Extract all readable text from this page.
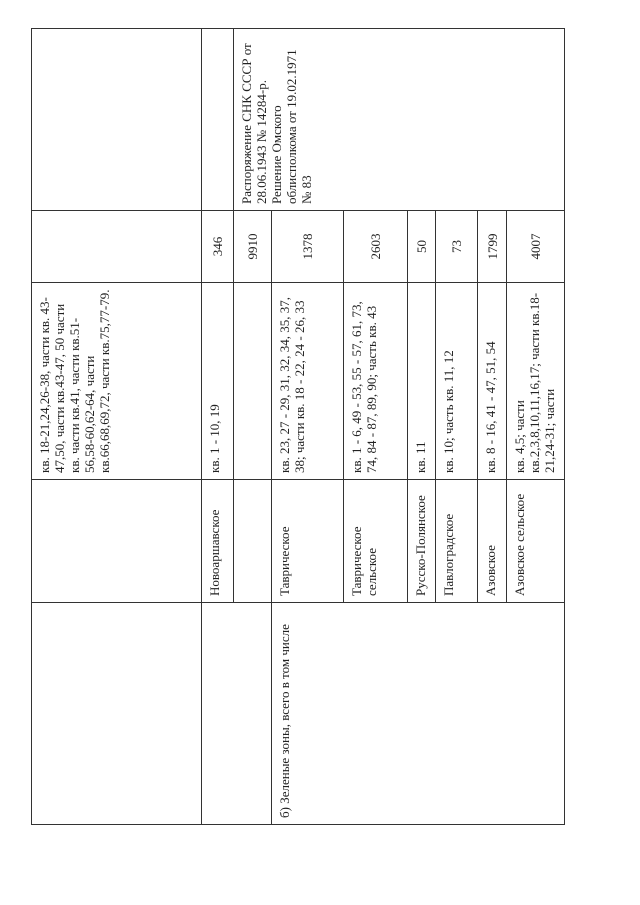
		кв. 18-21,24,26-38, части кв. 43-47,50, части кв.43-47, 50 части кв. части кв.41, части кв.51-56,58-60,62-64, части кв.66,68,69,72, части кв.75,77-79.		
	Новоаршавское	кв. 1 - 10, 19	346	
			9910	Распоряжение СНК СССР от 28.06.1943 № 14284-р. Решение Омского облисполкома от 19.02.1971 № 83
б) Зеленые зоны, всего в том числе	Таврическое	кв. 23, 27 - 29, 31, 32, 34, 35, 37, 38; части кв. 18 - 22, 24 - 26, 33	1378	
	Таврическое сельское	кв. 1 - 6, 49 - 53, 55 - 57, 61, 73, 74, 84 - 87, 89, 90; часть кв. 43	2603	
	Русско-Полянское	кв. 11	50	
	Павлоградское	кв. 10; часть кв. 11, 12	73	
	Азовское	кв. 8 - 16, 41 - 47, 51, 54	1799	
	Азовское сельское	кв. 4,5; части кв.2,3,8,10,11,16,17; части кв.18-21,24-31; части	4007	
